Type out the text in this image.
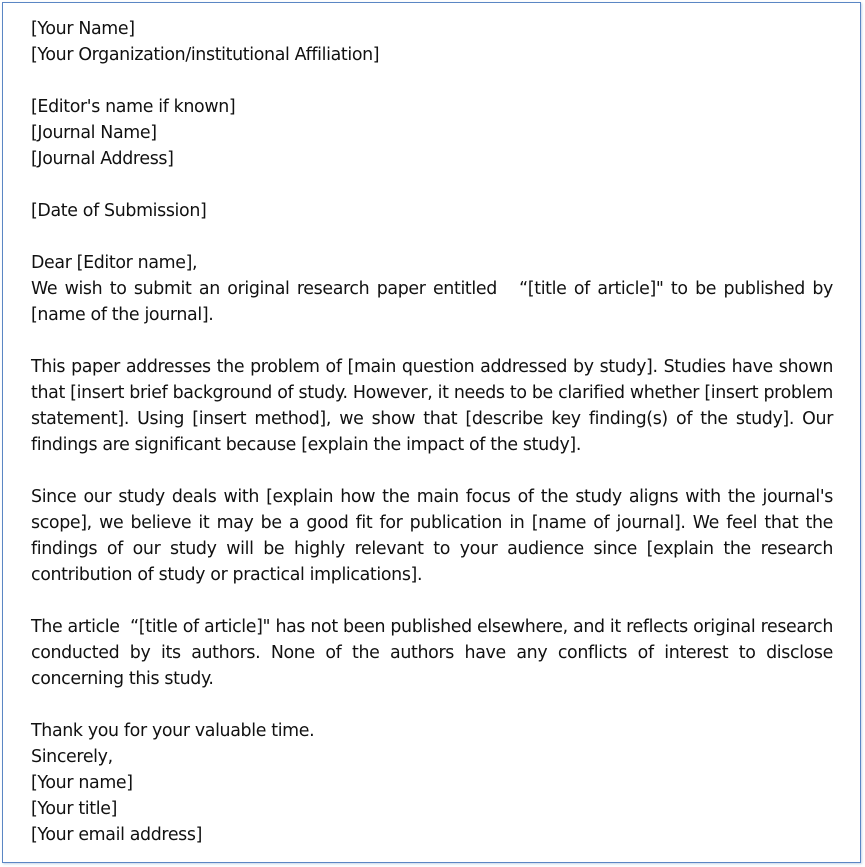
[Your Name]
[Your Organization/institutional Affiliation]
[Editor's name if known]
[Journal Name]
[Journal Address]
[Date of Submission]
Dear [Editor name],

We wish to submit an original research paper entitled   “[title of article]" to be published by [name of the journal].

This paper addresses the problem of [main question addressed by study]. Studies have shown that [insert brief background of study. However, it needs to be clarified whether [insert problem statement]. Using [insert method], we show that [describe key finding(s) of the study]. Our findings are significant because [explain the impact of the study].

Since our study deals with [explain how the main focus of the study aligns with the journal's scope], we believe it may be a good fit for publication in [name of journal]. We feel that the findings of our study will be highly relevant to your audience since [explain the research contribution of study or practical implications].

The article  “[title of article]" has not been published elsewhere, and it reflects original research conducted by its authors. None of the authors have any conflicts of interest to disclose concerning this study.

Thank you for your valuable time.
Sincerely,
[Your name]
[Your title]
[Your email address]
